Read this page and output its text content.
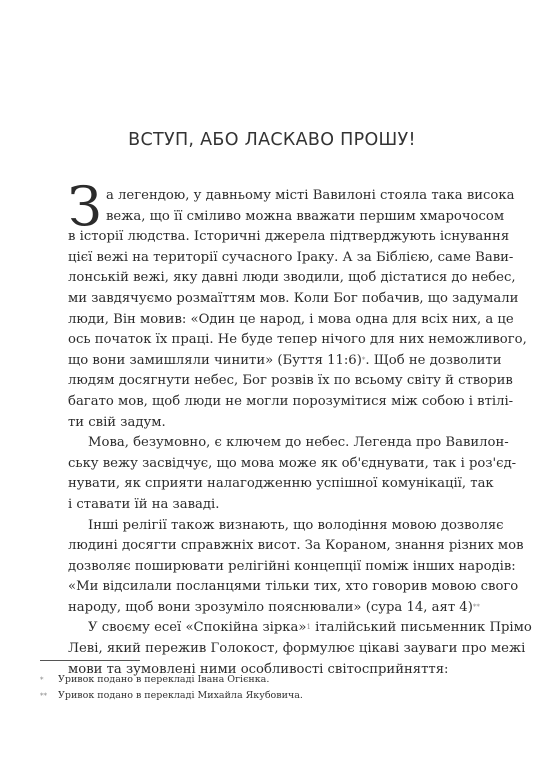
ВСТУП, АБО ЛАСКАВО ПРОШУ!
З а легендою, у давньому місті Вавилоні стояла така висока
вежа, що її сміливо можна вважати першим хмарочосом
в історії людства. Історичні джерела підтверджують існування
цієї вежі на території сучасного Іраку. А за Біблією, саме Вави-
лонській вежі, яку давні люди зводили, щоб дістатися до небес,
ми завдячуємо розмаїттям мов. Коли Бог побачив, що задумали
люди, Він мовив: «Один це народ, і мова одна для всіх них, а це
ось початок їх праці. Не буде тепер нічого для них неможливого,
що вони замишляли чинити» (Буття 11:6)*. Щоб не дозволити
людям досягнути небес, Бог розвів їх по всьому світу й створив
багато мов, щоб люди не могли порозумітися між собою і втілі-
ти свій задум.
Мова, безумовно, є ключем до небес. Легенда про Вавилон-
ську вежу засвідчує, що мова може як об'єднувати, так і роз'єд-
нувати, як сприяти налагодженню успішної комунікації, так
і ставати їй на заваді.
Інші релігії також визнають, що володіння мовою дозволяє
людині досягти справжніх висот. За Кораном, знання різних мов
дозволяє поширювати релігійні концепції поміж інших народів:
«Ми відсилали посланцями тільки тих, хто говорив мовою свого
народу, щоб вони зрозуміло пояснювали» (сура 14, аят 4)**
У своєму есеї «Спокійна зірка»$^1$ італійський письменник Прімо
Леві, який пережив Голокост, формулює цікаві зауваги про межі
мови та зумовлені ними особливості світосприйняття:
* Уривок подано в перекладі Івана Огієнка.
** Уривок подано в перекладі Михайла Якубовича.
